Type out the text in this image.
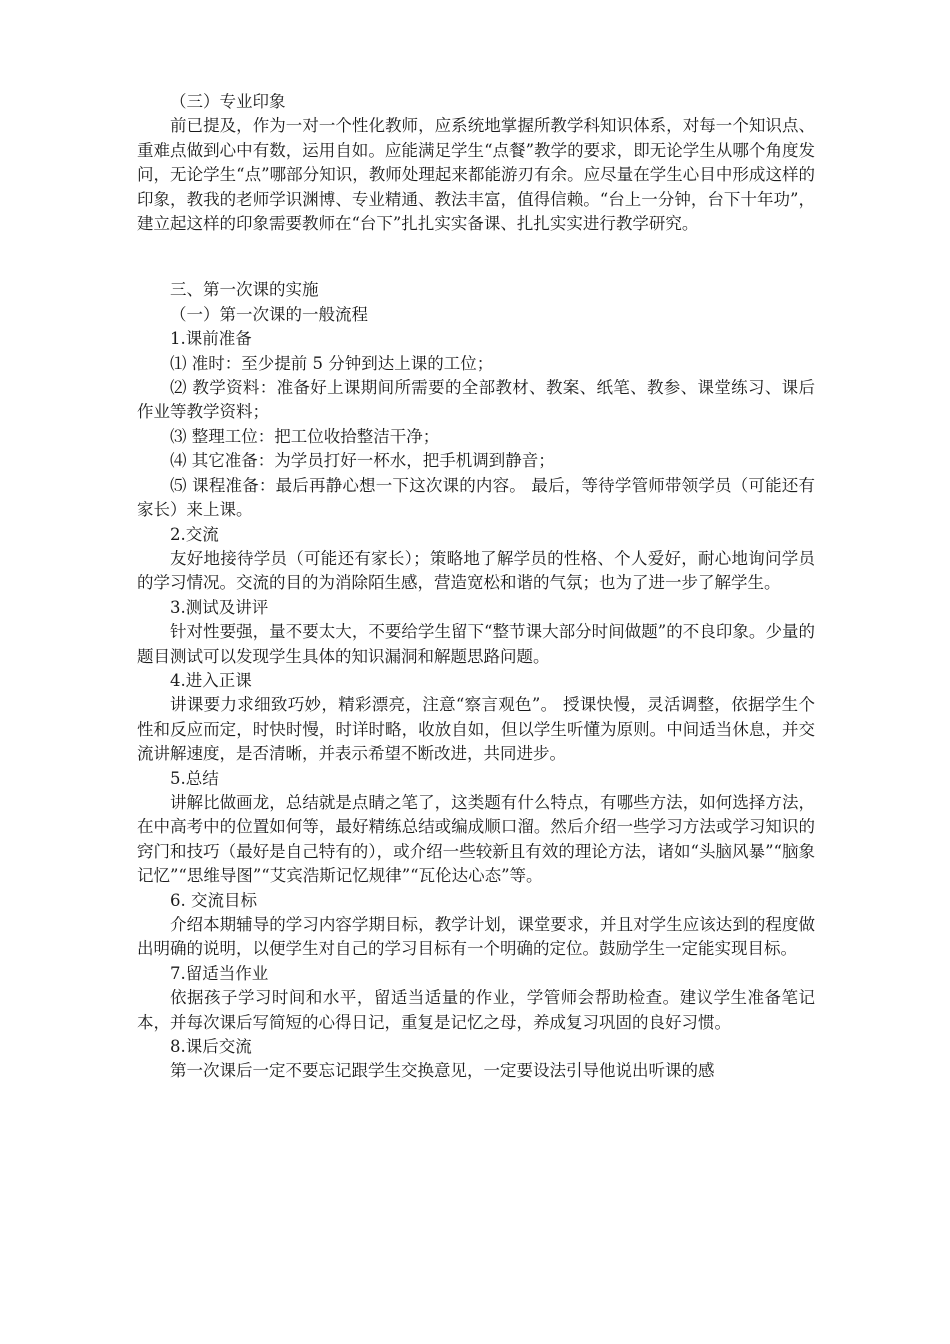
（三）专业印象

前已提及，作为一对一个性化教师，应系统地掌握所教学科知识体系，对每一个知识点、重难点做到心中有数，运用自如。应能满足学生“点餐”教学的要求，即无论学生从哪个角度发问，无论学生“点”哪部分知识，教师处理起来都能游刃有余。应尽量在学生心目中形成这样的印象，教我的老师学识渊博、专业精通、教法丰富，值得信赖。“台上一分钟，台下十年功”，建立起这样的印象需要教师在“台下”扎扎实实备课、扎扎实实进行教学研究。

三、第一次课的实施

（一）第一次课的一般流程

1.课前准备

⑴ 准时：至少提前 5 分钟到达上课的工位；

⑵ 教学资料：准备好上课期间所需要的全部教材、教案、纸笔、教参、课堂练习、课后作业等教学资料；

⑶ 整理工位：把工位收拾整洁干净；

⑷ 其它准备：为学员打好一杯水，把手机调到静音；

⑸ 课程准备：最后再静心想一下这次课的内容。 最后，等待学管师带领学员（可能还有家长）来上课。

2.交流

友好地接待学员（可能还有家长）；策略地了解学员的性格、个人爱好，耐心地询问学员的学习情况。交流的目的为消除陌生感，营造宽松和谐的气氛；也为了进一步了解学生。

3.测试及讲评

针对性要强，量不要太大，不要给学生留下“整节课大部分时间做题”的不良印象。少量的题目测试可以发现学生具体的知识漏洞和解题思路问题。

4.进入正课

讲课要力求细致巧妙，精彩漂亮，注意“察言观色”。 授课快慢，灵活调整，依据学生个性和反应而定，时快时慢，时详时略，收放自如，但以学生听懂为原则。中间适当休息，并交流讲解速度，是否清晰，并表示希望不断改进，共同进步。

5.总结

讲解比做画龙，总结就是点睛之笔了，这类题有什么特点，有哪些方法，如何选择方法，在中高考中的位置如何等，最好精练总结或编成顺口溜。然后介绍一些学习方法或学习知识的窍门和技巧（最好是自己特有的），或介绍一些较新且有效的理论方法，诸如“头脑风暴”“脑象记忆”“思维导图”“艾宾浩斯记忆规律”“瓦伦达心态”等。

6. 交流目标

介绍本期辅导的学习内容学期目标，教学计划，课堂要求，并且对学生应该达到的程度做出明确的说明，以便学生对自己的学习目标有一个明确的定位。鼓励学生一定能实现目标。

7.留适当作业

依据孩子学习时间和水平，留适当适量的作业，学管师会帮助检查。建议学生准备笔记本，并每次课后写简短的心得日记，重复是记忆之母，养成复习巩固的良好习惯。

8.课后交流

第一次课后一定不要忘记跟学生交换意见，一定要设法引导他说出听课的感
